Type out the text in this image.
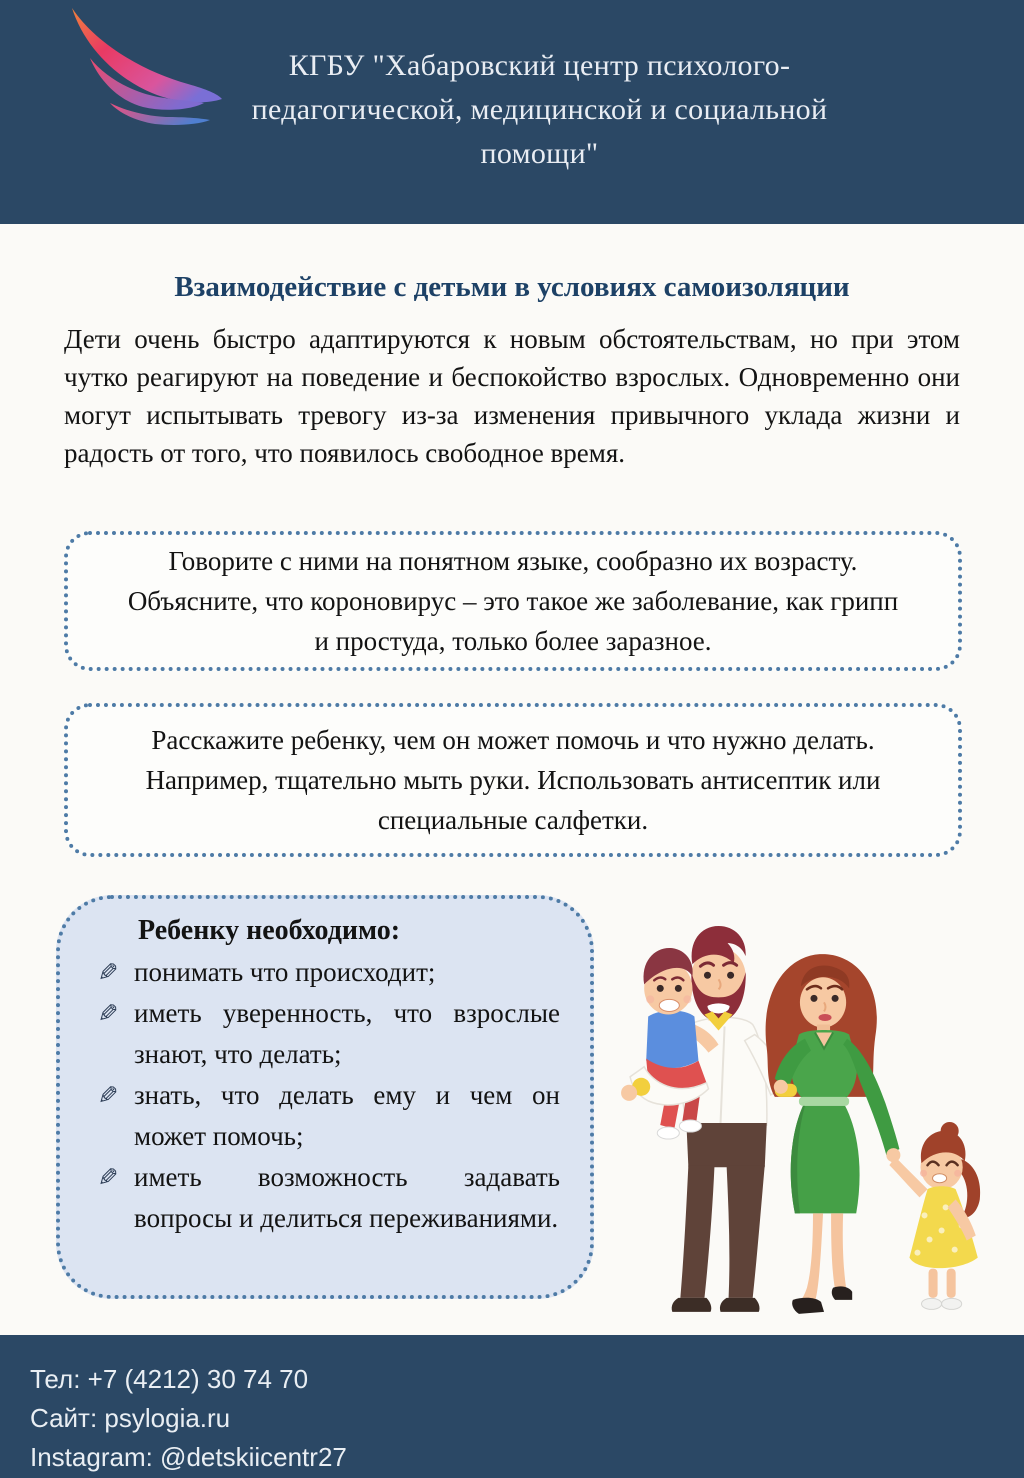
КГБУ "Хабаровский центр психолого-
педагогической, медицинской и социальной
помощи"
Взаимодействие с детьми в условиях самоизоляции

Дети очень быстро адаптируются к новым обстоятельствам, но при этом чутко реагируют на поведение и беспокойство взрослых. Одновременно они могут испытывать тревогу из-за изменения привычного уклада жизни и радость от того, что появилось свободное время.

Говорите с ними на понятном языке, сообразно их возрасту. Объясните, что короновирус – это такое же заболевание, как грипп и простуда, только более заразное.

Расскажите ребенку, чем он может помочь и что нужно делать. Например, тщательно мыть руки. Использовать антисептик или специальные салфетки.

Ребенку необходимо:
✎ понимать что происходит;
✎ иметь уверенность, что взрослые знают, что делать;
✎ знать, что делать ему и чем он может помочь;
✎ иметь возможность задавать вопросы и делиться переживаниями.
Тел: +7 (4212) 30 74 70
Сайт: psylogia.ru
Instagram: @detskiicentr27
